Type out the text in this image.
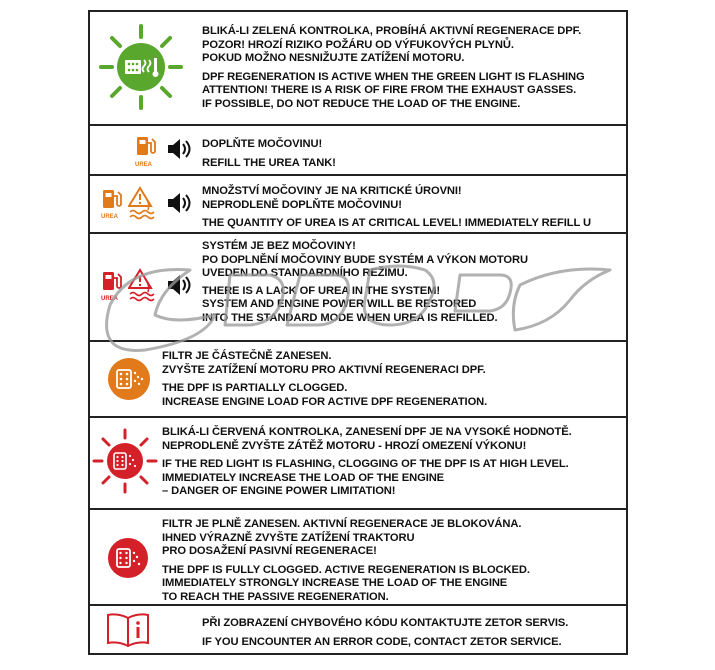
BLIKÁ-LI ZELENÁ KONTROLKA, PROBÍHÁ AKTIVNÍ REGENERACE DPF.
POZOR! HROZÍ RIZIKO POŽÁRU OD VÝFUKOVÝCH PLYNŮ.
POKUD MOŽNO NESNIŽUJTE ZATÍŽENÍ MOTORU.
DPF REGENERATION IS ACTIVE WHEN THE GREEN LIGHT IS FLASHING
ATTENTION! THERE IS A RISK OF FIRE FROM THE EXHAUST GASSES.
IF POSSIBLE, DO NOT REDUCE THE LOAD OF THE ENGINE.
UREA
DOPLŇTE MOČOVINU!
REFILL THE UREA TANK!
UREA
MNOŽSTVÍ MOČOVINY JE NA KRITICKÉ ÚROVNI!
NEPRODLENĚ DOPLŇTE MOČOVINU!
THE QUANTITY OF UREA IS AT CRITICAL LEVEL! IMMEDIATELY REFILL U
UREA
SYSTÉM JE BEZ MOČOVINY!
PO DOPLNĚNÍ MOČOVINY BUDE SYSTÉM A VÝKON MOTORU
UVEDEN DO STANDARDNÍHO REŽIMU.
THERE IS A LACK OF UREA IN THE SYSTEM!
SYSTEM AND ENGINE POWER WILL BE RESTORED
INTO THE STANDARD MODE WHEN UREA IS REFILLED.
FILTR JE ČÁSTEČNĚ ZANESEN.
ZVYŠTE ZATÍŽENÍ MOTORU PRO AKTIVNÍ REGENERACI DPF.
THE DPF IS PARTIALLY CLOGGED.
INCREASE ENGINE LOAD FOR ACTIVE DPF REGENERATION.
BLIKÁ-LI ČERVENÁ KONTROLKA, ZANESENÍ DPF JE NA VYSOKÉ HODNOTĚ.
NEPRODLENĚ ZVYŠTE ZÁTĚŽ MOTORU - HROZÍ OMEZENÍ VÝKONU!
IF THE RED LIGHT IS FLASHING, CLOGGING OF THE DPF IS AT HIGH LEVEL.
IMMEDIATELY INCREASE THE LOAD OF THE ENGINE
– DANGER OF ENGINE POWER LIMITATION!
FILTR JE PLNĚ ZANESEN. AKTIVNÍ REGENERACE JE BLOKOVÁNA.
IHNED VÝRAZNĚ ZVYŠTE ZATÍŽENÍ TRAKTORU
PRO DOSAŽENÍ PASIVNÍ REGENERACE!
THE DPF IS FULLY CLOGGED. ACTIVE REGENERATION IS BLOCKED.
IMMEDIATELY STRONGLY INCREASE THE LOAD OF THE ENGINE
TO REACH THE PASSIVE REGENERATION.
PŘI ZOBRAZENÍ CHYBOVÉHO KÓDU KONTAKTUJTE ZETOR SERVIS.
IF YOU ENCOUNTER AN ERROR CODE, CONTACT ZETOR SERVICE.
